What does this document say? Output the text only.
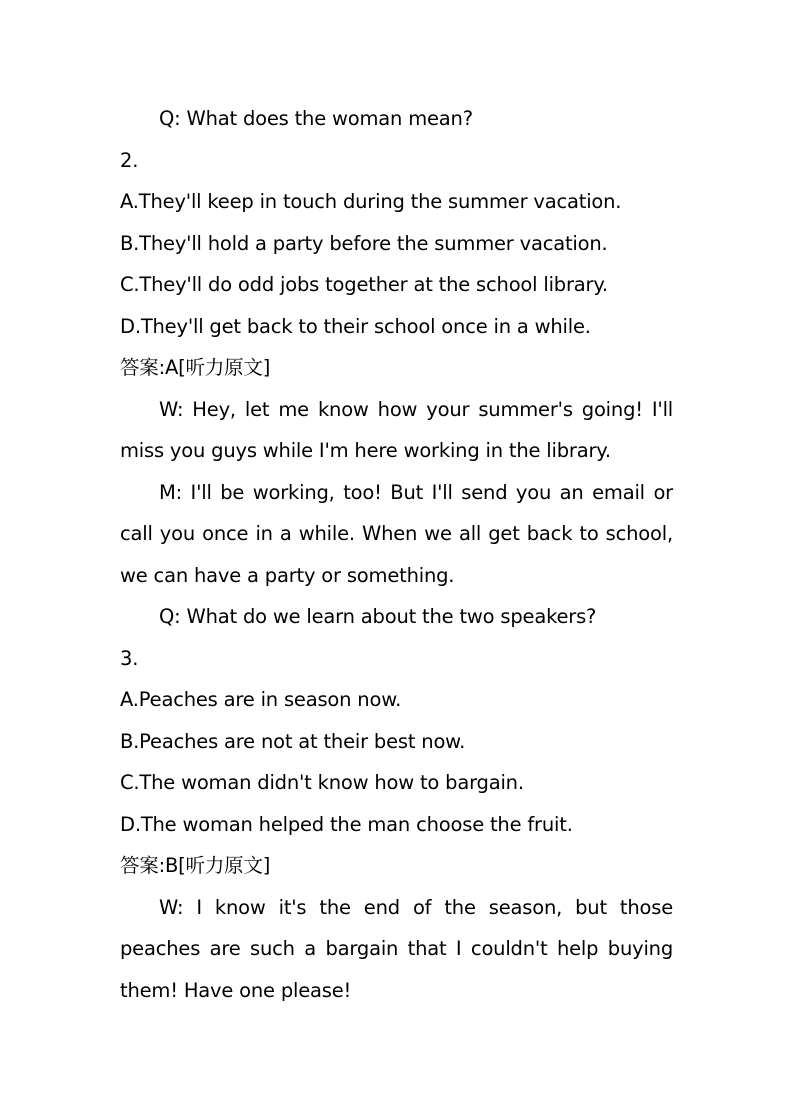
Q: What does the woman mean?
2.
A.They'll keep in touch during the summer vacation.
B.They'll hold a party before the summer vacation.
C.They'll do odd jobs together at the school library.
D.They'll get back to their school once in a while.
答案:A[听力原文]
W: Hey, let me know how your summer's going! I'll miss you guys while I'm here working in the library.
M: I'll be working, too! But I'll send you an email or call you once in a while. When we all get back to school, we can have a party or something.
Q: What do we learn about the two speakers?
3.
A.Peaches are in season now.
B.Peaches are not at their best now.
C.The woman didn't know how to bargain.
D.The woman helped the man choose the fruit.
答案:B[听力原文]
W: I know it's the end of the season, but those peaches are such a bargain that I couldn't help buying them! Have one please!
